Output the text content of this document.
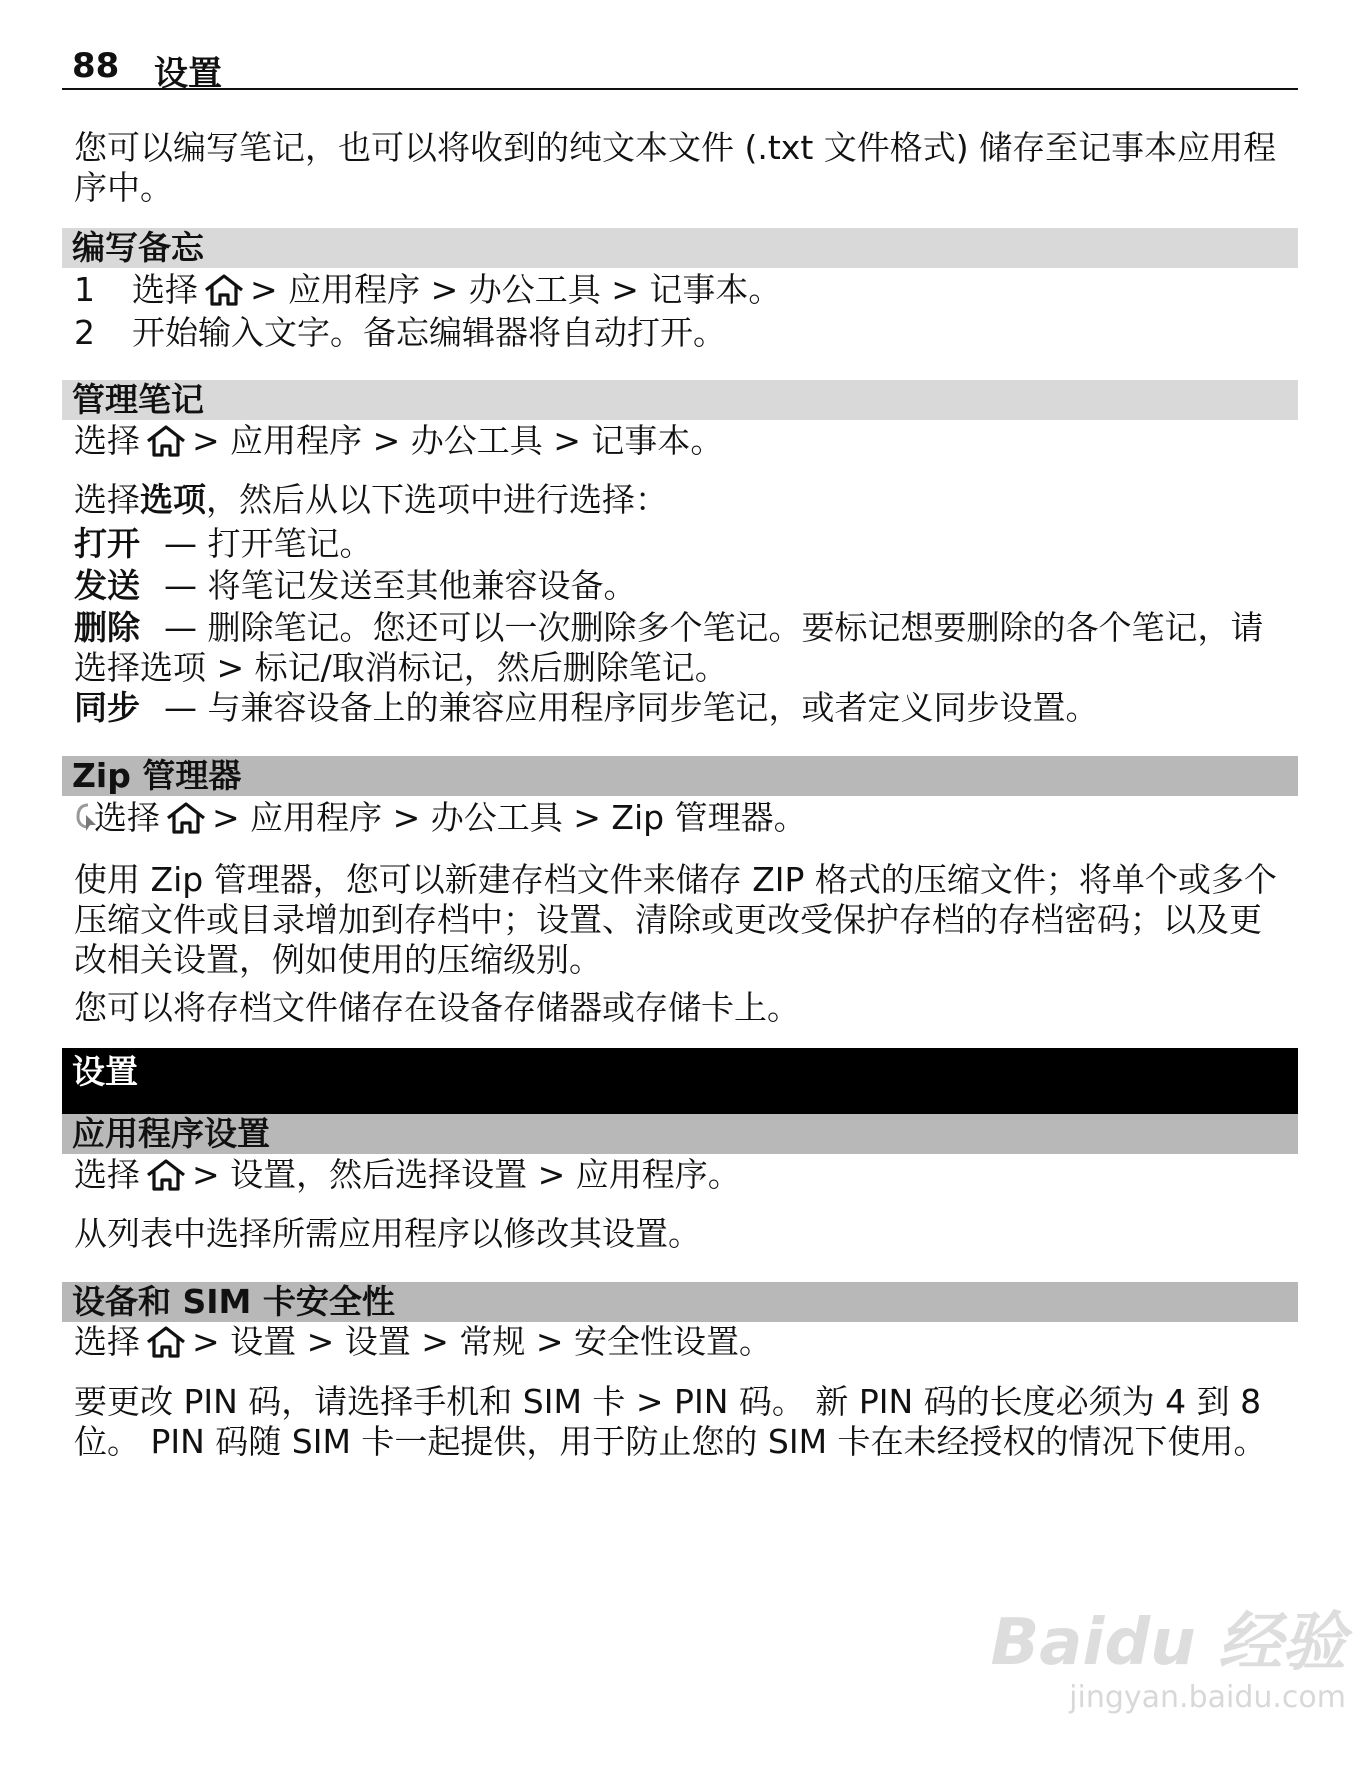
88 设置
您可以编写笔记，也可以将收到的纯文本文件 (.txt 文件格式) 储存至记事本应用程序中。
编写备忘
1 选择 > 应用程序 > 办公工具 > 记事本。
2 开始输入文字。备忘编辑器将自动打开。
管理笔记
选择 > 应用程序 > 办公工具 > 记事本。
选择选项，然后从以下选项中进行选择：
打开 — 打开笔记。
发送 — 将笔记发送至其他兼容设备。
删除 — 删除笔记。您还可以一次删除多个笔记。要标记想要删除的各个笔记，请选择选项 > 标记/取消标记，然后删除笔记。
同步 — 与兼容设备上的兼容应用程序同步笔记，或者定义同步设置。
Zip 管理器
选择 > 应用程序 > 办公工具 > Zip 管理器。
使用 Zip 管理器，您可以新建存档文件来储存 ZIP 格式的压缩文件；将单个或多个压缩文件或目录增加到存档中；设置、清除或更改受保护存档的存档密码；以及更改相关设置，例如使用的压缩级别。
您可以将存档文件储存在设备存储器或存储卡上。
设置
应用程序设置
选择 > 设置，然后选择设置 > 应用程序。
从列表中选择所需应用程序以修改其设置。
设备和 SIM 卡安全性
选择 > 设置 > 设置 > 常规 > 安全性设置。
要更改 PIN 码，请选择手机和 SIM 卡 > PIN 码。 新 PIN 码的长度必须为 4 到 8 位。 PIN 码随 SIM 卡一起提供，用于防止您的 SIM 卡在未经授权的情况下使用。
Baidu 经验
jingyan.baidu.com
